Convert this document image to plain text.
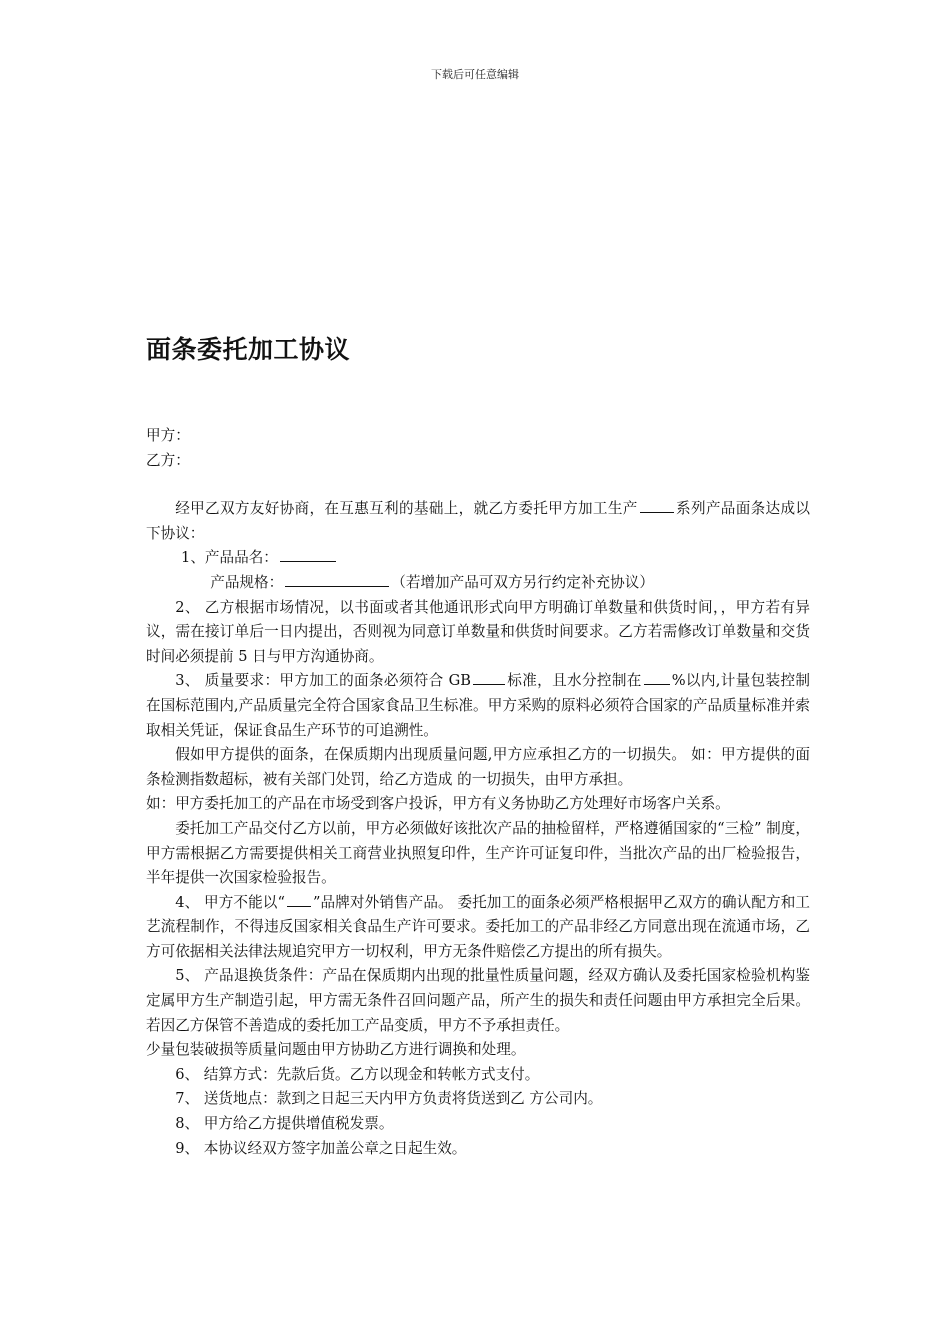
下载后可任意编辑
面条委托加工协议

甲方：

乙方：

经甲乙双方友好协商，在互惠互利的基础上，就乙方委托甲方加工生产	系列产品面条达成以 下协议：

1、产品品名：

产品规格：	（若增加产品可双方另行约定补充协议）

2、 乙方根据市场情况，以书面或者其他通讯形式向甲方明确订单数量和供货时间，，甲方若有异议，需在接订单后一日内提出，否则视为同意订单数量和供货时间要求。乙方若需修改订单数量和交货时间必须提前 5 日与甲方沟通协商。

3、 质量要求：甲方加工的面条必须符合 GB 标准，且水分控制在 %以内,计量包装控制在国标范围内,产品质量完全符合国家食品卫生标准。甲方采购的原料必须符合国家的产品质量标准并索取相关凭证，保证食品生产环节的可追溯性。

假如甲方提供的面条，在保质期内出现质量问题,甲方应承担乙方的一切损失。 如：甲方提供的面条检测指数超标，被有关部门处罚，给乙方造成 的一切损失，由甲方承担。

如：甲方委托加工的产品在市场受到客户投诉，甲方有义务协助乙方处理好市场客户关系。

委托加工产品交付乙方以前，甲方必须做好该批次产品的抽检留样，严格遵循国家的“三检” 制度，甲方需根据乙方需要提供相关工商营业执照复印件，生产许可证复印件，当批次产品的出厂检验报告，半年提供一次国家检验报告。

4、 甲方不能以“ ”品牌对外销售产品。 委托加工的面条必须严格根据甲乙双方的确认配方和工艺流程制作，不得违反国家相关食品生产许可要求。委托加工的产品非经乙方同意出现在流通市场，乙方可依据相关法律法规追究甲方一切权利，甲方无条件赔偿乙方提出的所有损失。

5、 产品退换货条件：产品在保质期内出现的批量性质量问题，经双方确认及委托国家检验机构鉴定属甲方生产制造引起，甲方需无条件召回问题产品，所产生的损失和责任问题由甲方承担完全后果。若因乙方保管不善造成的委托加工产品变质，甲方不予承担责任。

少量包装破损等质量问题由甲方协助乙方进行调换和处理。

6、 结算方式：先款后货。乙方以现金和转帐方式支付。

7、 送货地点：款到之日起三天内甲方负责将货送到乙 方公司内。

8、 甲方给乙方提供增值税发票。

9、 本协议经双方签字加盖公章之日起生效。
